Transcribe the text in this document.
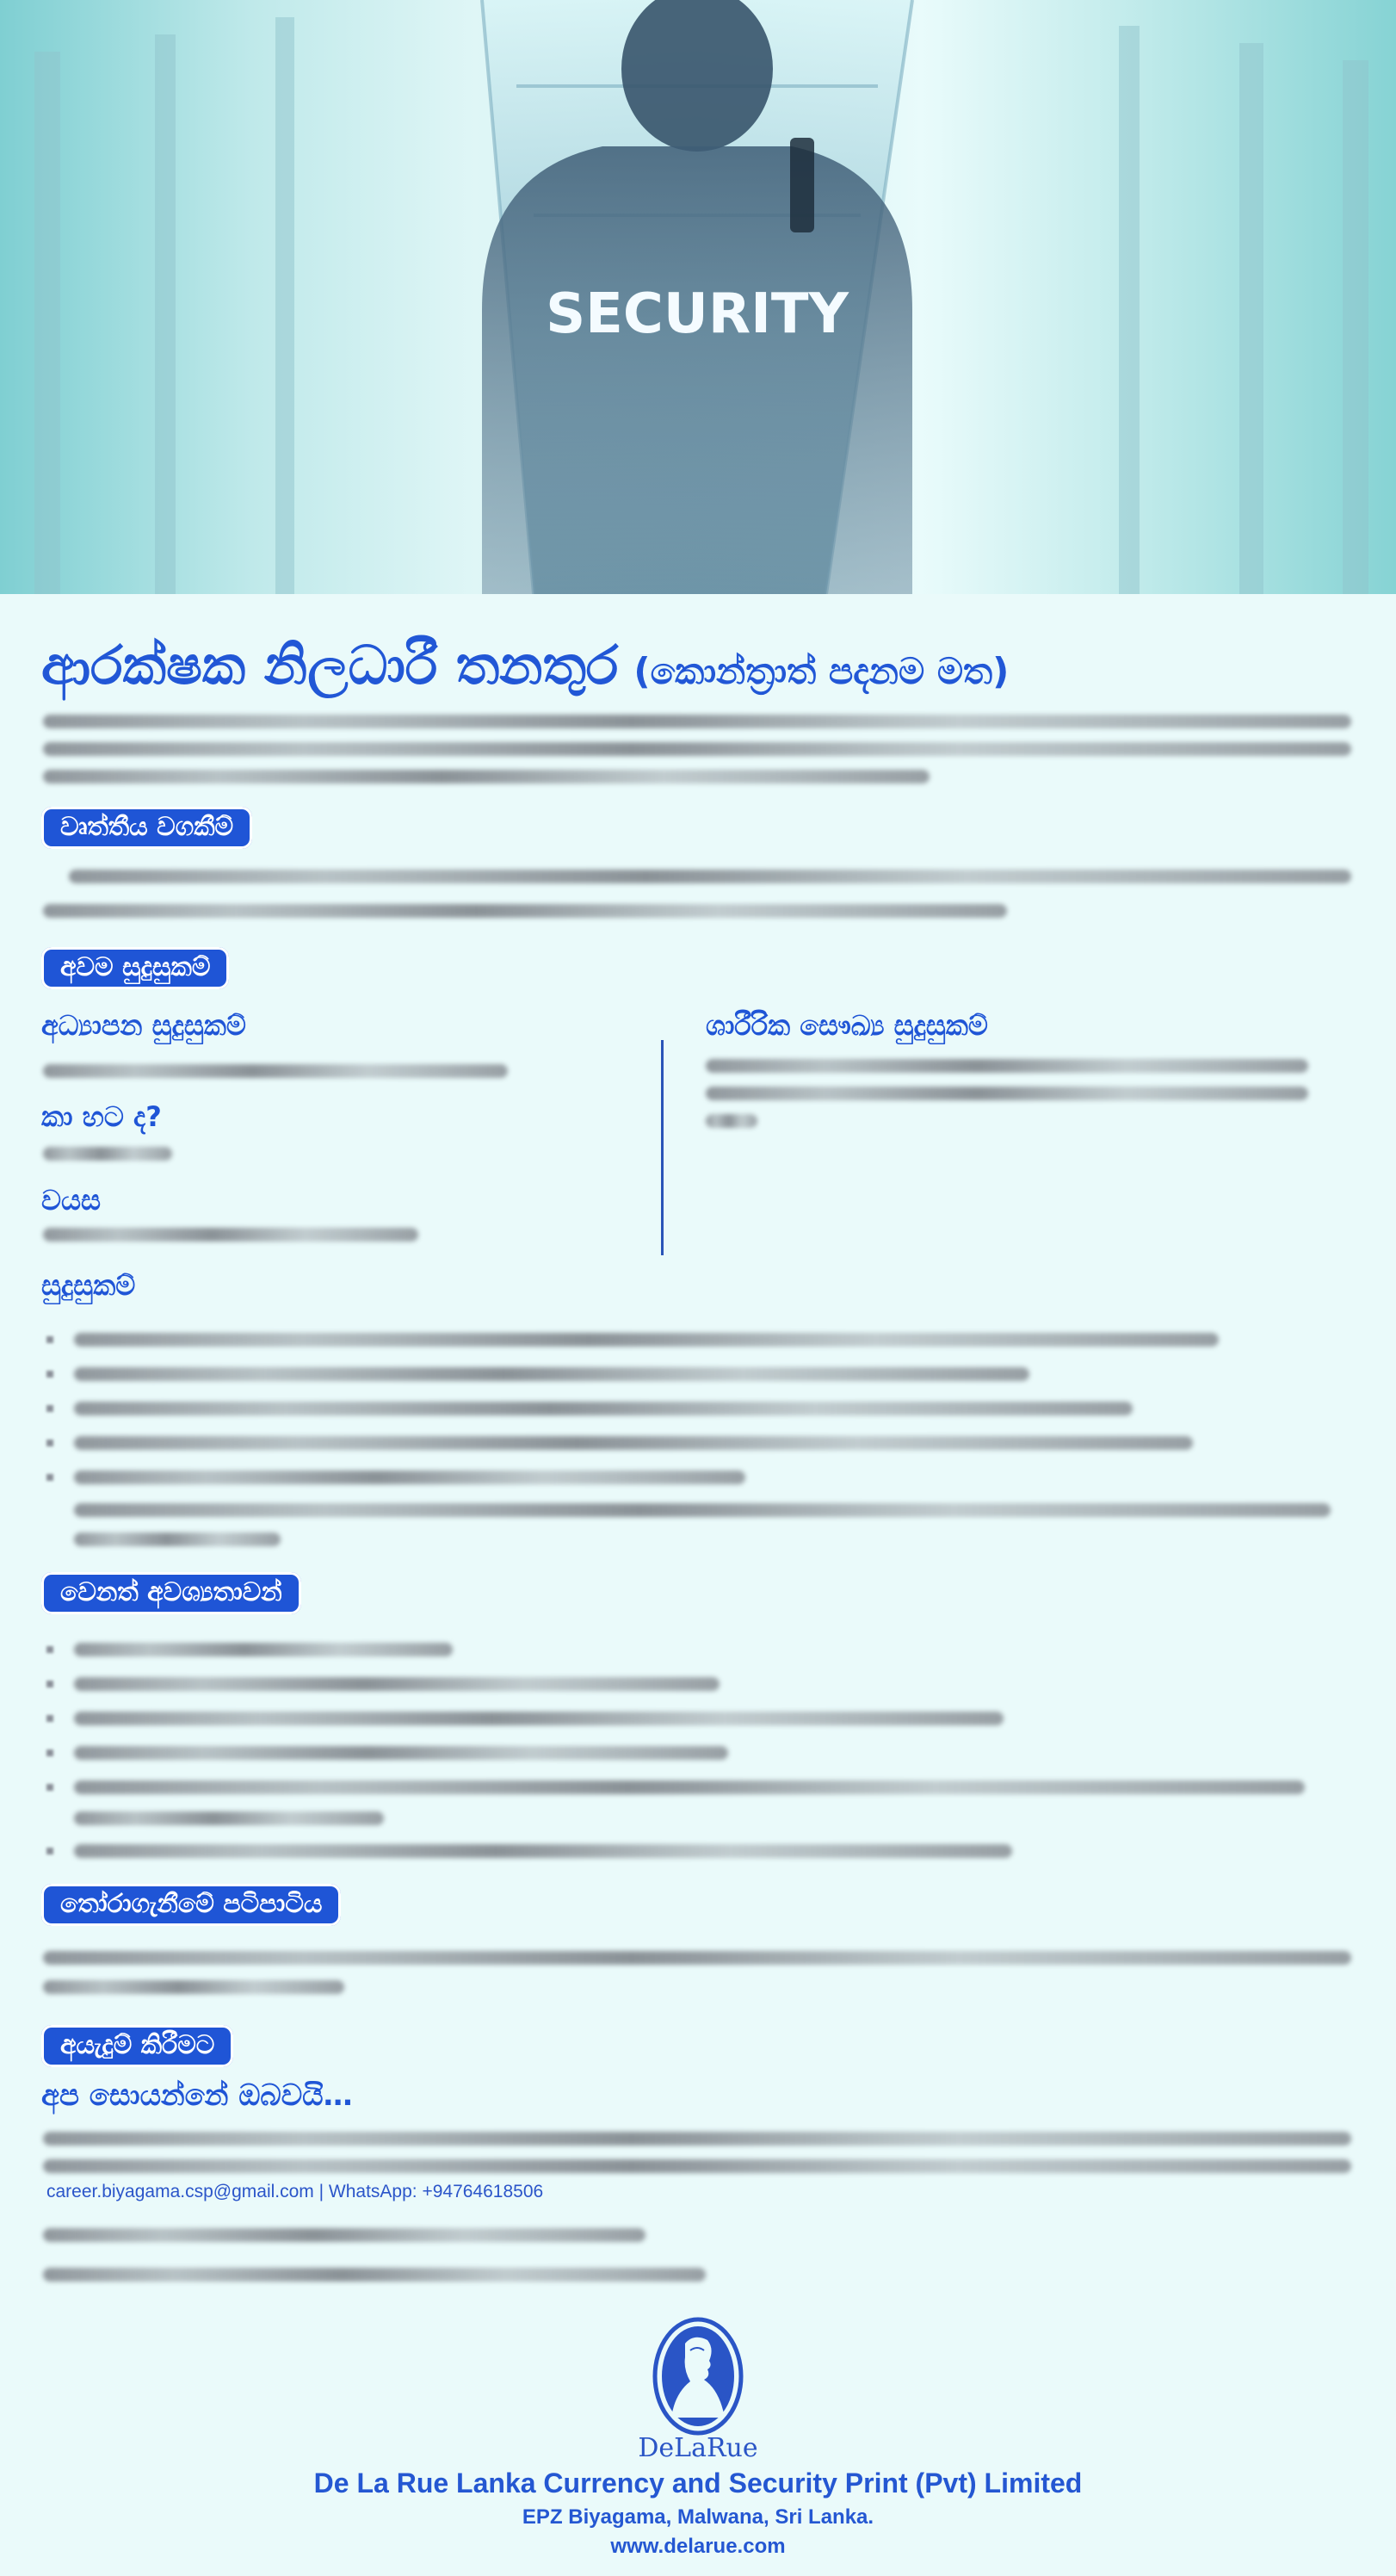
SECURITY
ආරක්ෂක නිලධාරී තනතුර (කොන්ත්‍රාත් පදනම මත)
වෘත්තීය වගකීම්
අවම සුදුසුකම්
අධ්‍යාපන සුදුසුකම්
කා හට ද?
වයස
ශාරීරික සෞඛ්‍ය සුදුසුකම්
සුදුසුකම්
වෙනත් අවශ්‍යතාවන්
තෝරාගැනීමේ පටිපාටිය
අයැදුම් කිරීමට
අප සොයන්නේ ඔබවයි…
career.biyagama.csp@gmail.com | WhatsApp: +94764618506
DeLaRue
De La Rue Lanka Currency and Security Print (Pvt) Limited
EPZ Biyagama, Malwana, Sri Lanka.
www.delarue.com
